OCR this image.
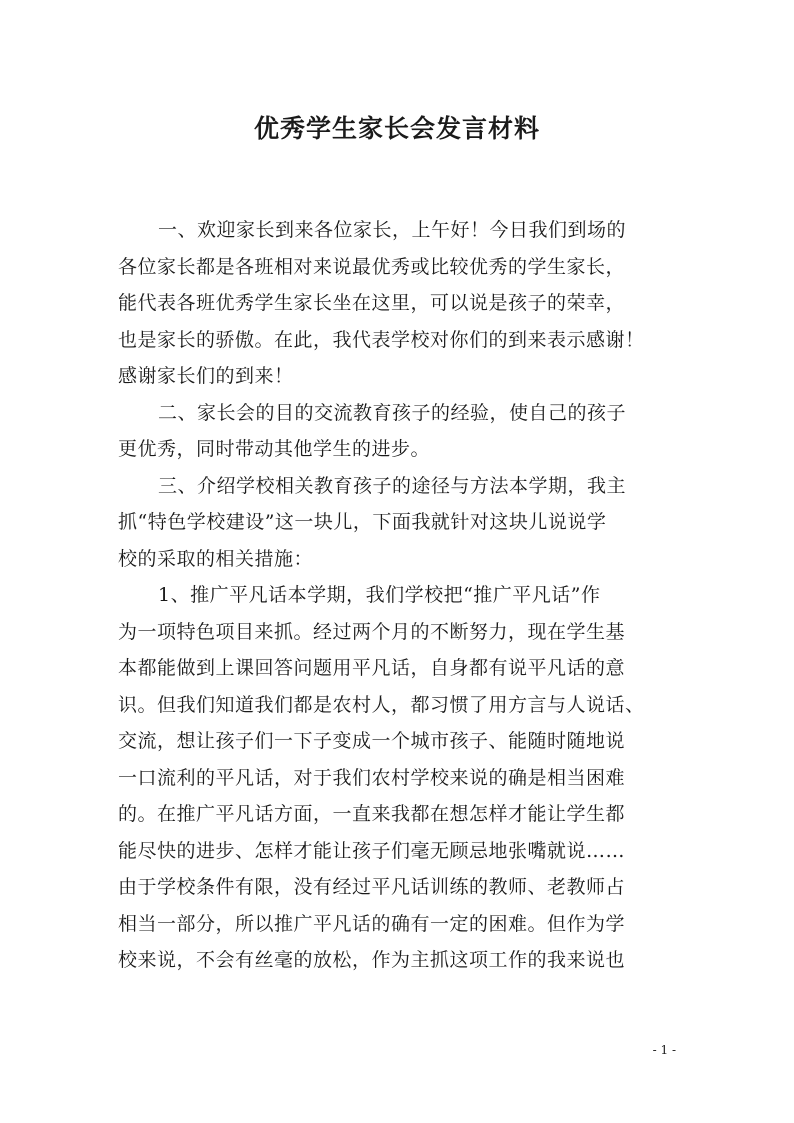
优秀学生家长会发言材料
一、欢迎家长到来各位家长，上午好！今日我们到场的
各位家长都是各班相对来说最优秀或比较优秀的学生家长，
能代表各班优秀学生家长坐在这里，可以说是孩子的荣幸，
也是家长的骄傲。在此，我代表学校对你们的到来表示感谢！
感谢家长们的到来！
二、家长会的目的交流教育孩子的经验，使自己的孩子
更优秀，同时带动其他学生的进步。
三、介绍学校相关教育孩子的途径与方法本学期，我主
抓“特色学校建设”这一块儿，下面我就针对这块儿说说学
校的采取的相关措施：
1、推广平凡话本学期，我们学校把“推广平凡话”作
为一项特色项目来抓。经过两个月的不断努力，现在学生基
本都能做到上课回答问题用平凡话，自身都有说平凡话的意
识。但我们知道我们都是农村人，都习惯了用方言与人说话、
交流，想让孩子们一下子变成一个城市孩子、能随时随地说
一口流利的平凡话，对于我们农村学校来说的确是相当困难
的。在推广平凡话方面，一直来我都在想怎样才能让学生都
能尽快的进步、怎样才能让孩子们毫无顾忌地张嘴就说……
由于学校条件有限，没有经过平凡话训练的教师、老教师占
相当一部分，所以推广平凡话的确有一定的困难。但作为学
校来说，不会有丝毫的放松，作为主抓这项工作的我来说也
- 1 -
